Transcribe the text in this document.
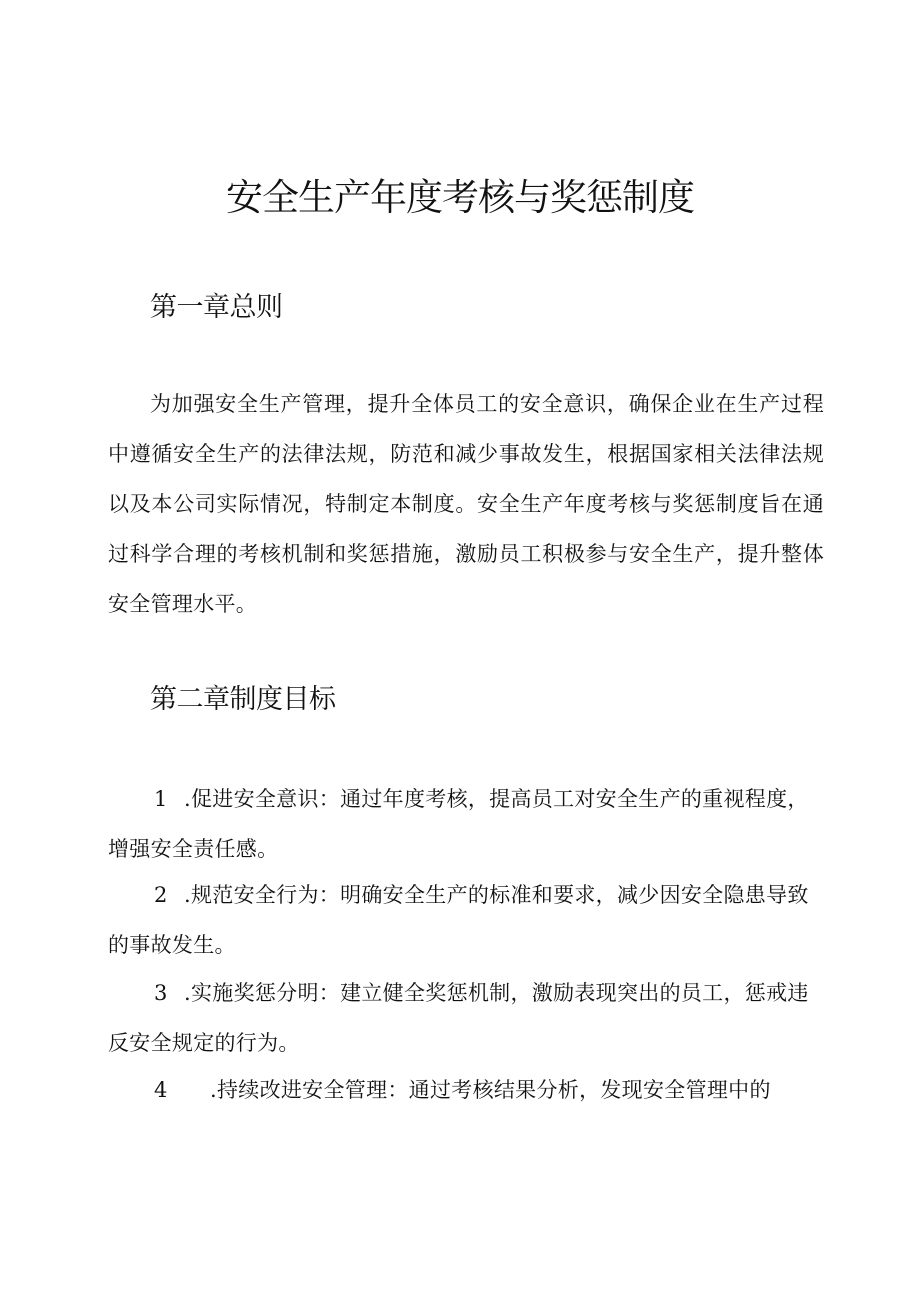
安全生产年度考核与奖惩制度
第一章总则

为加强安全生产管理，提升全体员工的安全意识，确保企业在生产过程中遵循安全生产的法律法规，防范和减少事故发生，根据国家相关法律法规以及本公司实际情况，特制定本制度。安全生产年度考核与奖惩制度旨在通过科学合理的考核机制和奖惩措施，激励员工积极参与安全生产，提升整体安全管理水平。

第二章制度目标

1 .促进安全意识：通过年度考核，提高员工对安全生产的重视程度，增强安全责任感。

2 .规范安全行为：明确安全生产的标准和要求，减少因安全隐患导致的事故发生。

3 .实施奖惩分明：建立健全奖惩机制，激励表现突出的员工，惩戒违反安全规定的行为。

4 .持续改进安全管理：通过考核结果分析，发现安全管理中的
